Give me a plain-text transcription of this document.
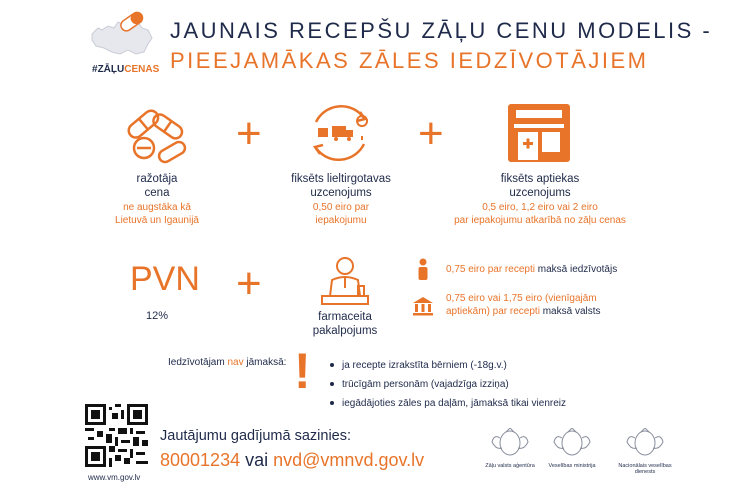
#ZĀĻUCENAS
JAUNAIS RECEPŠU ZĀĻU CENU MODELIS -
PIEEJAMĀKAS ZĀLES IEDZĪVOTĀJIEM
ražotāja
cena
ne augstāka kā
Lietuvā un Igaunijā
+
fiksēts lieltirgotavas
uzcenojums
0,50 eiro par
iepakojumu
+
fiksēts aptiekas
uzcenojums
0,5 eiro, 1,2 eiro vai 2 eiro
par iepakojumu atkarībā no zāļu cenas
PVN
12%
+
farmaceita
pakalpojums
0,75 eiro par recepti maksā iedzīvotājs
0,75 eiro vai 1,75 eiro (vienīgajām
aptiekām) par recepti maksā valsts
Iedzīvotājam nav jāmaksā: !	ja recepte izrakstīta bērniem (-18g.v.)
trūcīgām personām (vajadzīga izziņa)
iegādājoties zāles pa daļām, jāmaksā tikai vienreiz
www.vm.gov.lv
Jautājumu gadījumā sazinies:
80001234 vai nvd@vmnvd.gov.lv	Zāļu valsts aģentūra	Veselības ministrija	Nacionālais veselības dienests
